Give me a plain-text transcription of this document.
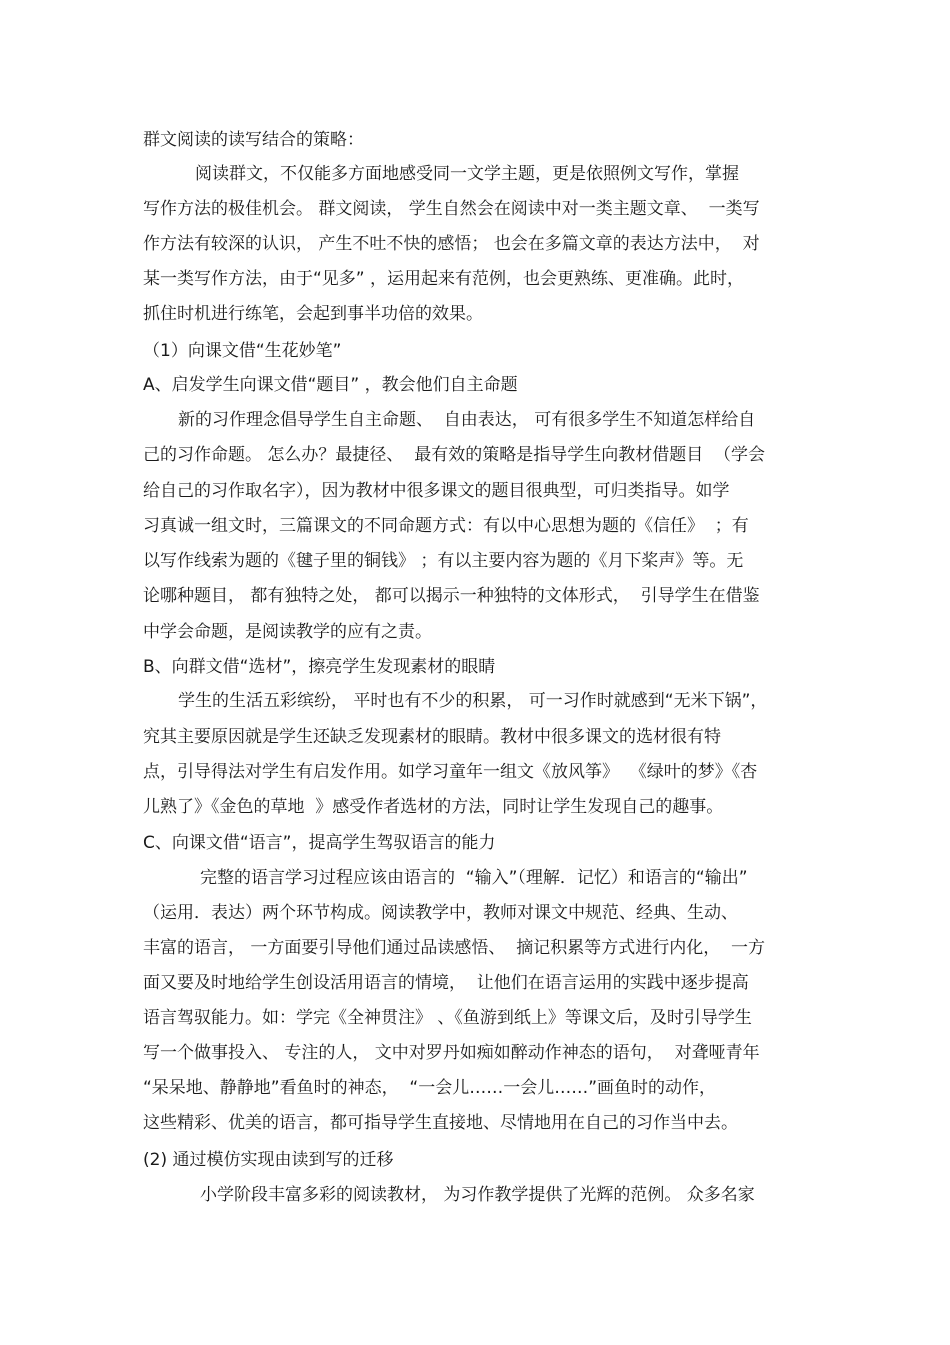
群文阅读的读写结合的策略：

阅读群文，不仅能多方面地感受同一文学主题，更是依照例文写作，掌握

写作方法的极佳机会。 群文阅读， 学生自然会在阅读中对一类主题文章、  一类写

作方法有较深的认识， 产生不吐不快的感悟； 也会在多篇文章的表达方法中，  对

某一类写作方法，由于“见多” ，运用起来有范例，也会更熟练、更准确。此时，

抓住时机进行练笔，会起到事半功倍的效果。

（1）向课文借“生花妙笔”

A、启发学生向课文借“题目” ，教会他们自主命题

新的习作理念倡导学生自主命题、  自由表达， 可有很多学生不知道怎样给自

己的习作命题。 怎么办？最捷径、  最有效的策略是指导学生向教材借题目  （学会

给自己的习作取名字），因为教材中很多课文的题目很典型，可归类指导。如学

习真诚一组文时，三篇课文的不同命题方式：有以中心思想为题的《信任》  ；有

以写作线索为题的《毽子里的铜钱》 ；有以主要内容为题的《月下桨声》等。无

论哪种题目， 都有独特之处， 都可以揭示一种独特的文体形式，  引导学生在借鉴

中学会命题，是阅读教学的应有之责。

B、向群文借“选材”，擦亮学生发现素材的眼睛

学生的生活五彩缤纷， 平时也有不少的积累， 可一习作时就感到“无米下锅”，

究其主要原因就是学生还缺乏发现素材的眼睛。教材中很多课文的选材很有特

点，引导得法对学生有启发作用。如学习童年一组文《放风筝》  《绿叶的梦》《杏

儿熟了》《金色的草地  》感受作者选材的方法，同时让学生发现自己的趣事。

C、向课文借“语言”，提高学生驾驭语言的能力

完整的语言学习过程应该由语言的  “输入”（理解．记忆）和语言的“输出”

（运用．表达）两个环节构成。阅读教学中，教师对课文中规范、经典、生动、

丰富的语言， 一方面要引导他们通过品读感悟、  摘记积累等方式进行内化，  一方

面又要及时地给学生创设活用语言的情境，  让他们在语言运用的实践中逐步提高

语言驾驭能力。如：学完《全神贯注》 、《鱼游到纸上》等课文后，及时引导学生

写一个做事投入、 专注的人， 文中对罗丹如痴如醉动作神态的语句，  对聋哑青年

“呆呆地、静静地”看鱼时的神态，  “一会儿……一会儿……”画鱼时的动作，

这些精彩、优美的语言，都可指导学生直接地、尽情地用在自己的习作当中去。

(2) 通过模仿实现由读到写的迁移

小学阶段丰富多彩的阅读教材， 为习作教学提供了光辉的范例。 众多名家
